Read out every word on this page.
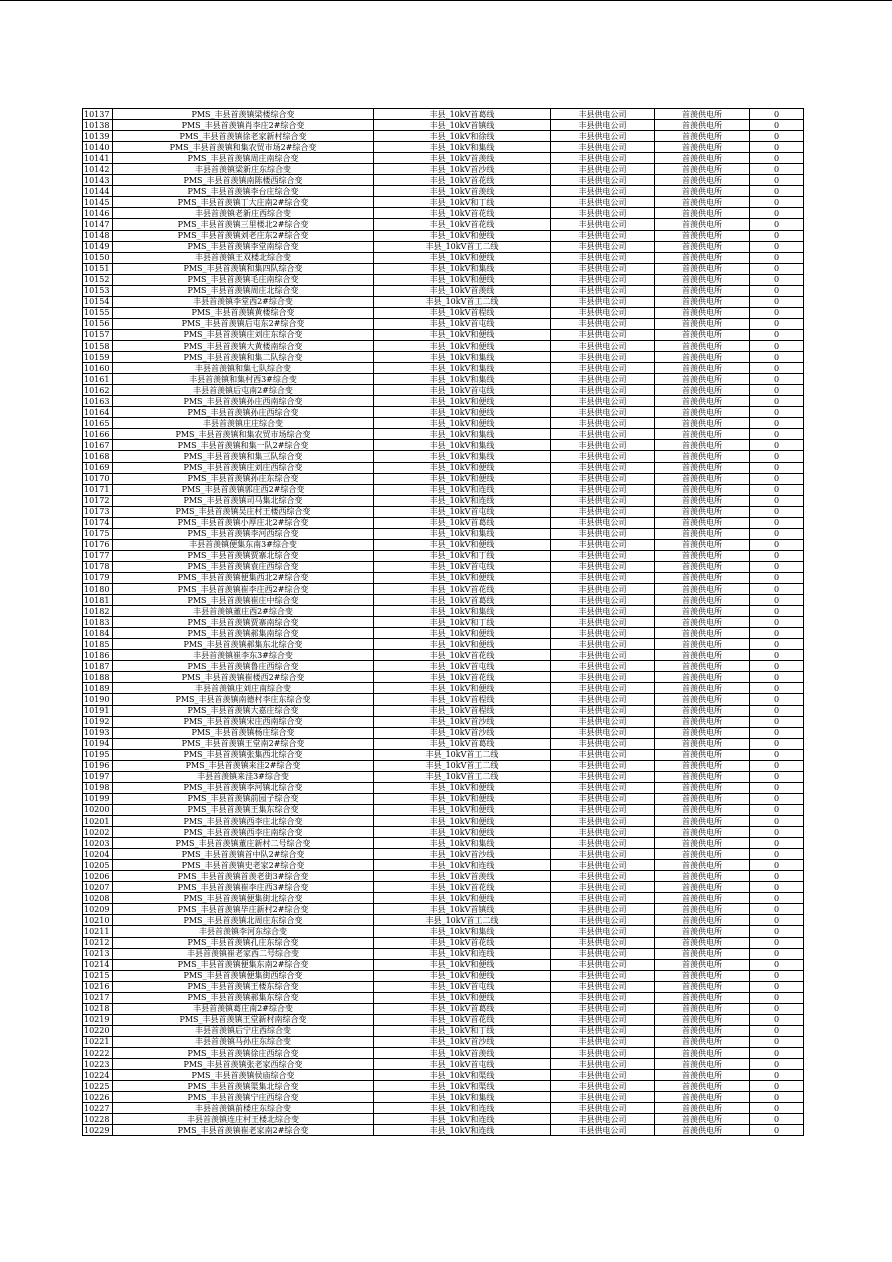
10137	PMS_丰县首羡镇梁楼综合变	丰县_10kV首葛线	丰县供电公司	首羡供电所	0
10138	PMS_丰县首羡镇肖李庄2#综合变	丰县_10kV首镇线	丰县供电公司	首羡供电所	0
10139	PMS_丰县首羡镇徐老家新村综合变	丰县_10kV和徐线	丰县供电公司	首羡供电所	0
10140	PMS_丰县首羡镇和集农贸市场2#综合变	丰县_10kV和集线	丰县供电公司	首羡供电所	0
10141	PMS_丰县首羡镇周庄南综合变	丰县_10kV首羡线	丰县供电公司	首羡供电所	0
10142	丰县首羡镇梁新庄东综合变	丰县_10kV首沙线	丰县供电公司	首羡供电所	0
10143	PMS_丰县首羡镇南陈楼西综合变	丰县_10kV首花线	丰县供电公司	首羡供电所	0
10144	PMS_丰县首羡镇李台庄综合变	丰县_10kV首羡线	丰县供电公司	首羡供电所	0
10145	PMS_丰县首羡镇丁大庄南2#综合变	丰县_10kV和丁线	丰县供电公司	首羡供电所	0
10146	丰县首羡镇老新庄西综合变	丰县_10kV首花线	丰县供电公司	首羡供电所	0
10147	PMS_丰县首羡镇三里楼北2#综合变	丰县_10kV首花线	丰县供电公司	首羡供电所	0
10148	PMS_丰县首羡镇刘老庄东2#综合变	丰县_10kV和便线	丰县供电公司	首羡供电所	0
10149	PMS_丰县首羡镇李堂南综合变	丰县_10kV首工二线	丰县供电公司	首羡供电所	0
10150	丰县首羡镇王双楼北综合变	丰县_10kV和便线	丰县供电公司	首羡供电所	0
10151	PMS_丰县首羡镇和集四队综合变	丰县_10kV和集线	丰县供电公司	首羡供电所	0
10152	PMS_丰县首羡镇毛庄南综合变	丰县_10kV和便线	丰县供电公司	首羡供电所	0
10153	PMS_丰县首羡镇周庄北综合变	丰县_10kV首羡线	丰县供电公司	首羡供电所	0
10154	丰县首羡镇李堂西2#综合变	丰县_10kV首工二线	丰县供电公司	首羡供电所	0
10155	PMS_丰县首羡镇黄楼综合变	丰县_10kV首程线	丰县供电公司	首羡供电所	0
10156	PMS_丰县首羡镇后屯东2#综合变	丰县_10kV首屯线	丰县供电公司	首羡供电所	0
10157	PMS_丰县首羡镇庄刘庄东综合变	丰县_10kV和便线	丰县供电公司	首羡供电所	0
10158	PMS_丰县首羡镇大黄楼南综合变	丰县_10kV和便线	丰县供电公司	首羡供电所	0
10159	PMS_丰县首羡镇和集二队综合变	丰县_10kV和集线	丰县供电公司	首羡供电所	0
10160	丰县首羡镇和集七队综合变	丰县_10kV和集线	丰县供电公司	首羡供电所	0
10161	丰县首羡镇和集村西3#综合变	丰县_10kV和集线	丰县供电公司	首羡供电所	0
10162	丰县首羡镇后屯南2#综合变	丰县_10kV首屯线	丰县供电公司	首羡供电所	0
10163	PMS_丰县首羡镇孙庄西南综合变	丰县_10kV和便线	丰县供电公司	首羡供电所	0
10164	PMS_丰县首羡镇孙庄西综合变	丰县_10kV和便线	丰县供电公司	首羡供电所	0
10165	丰县首羡镇庄庄综合变	丰县_10kV和便线	丰县供电公司	首羡供电所	0
10166	PMS_丰县首羡镇和集农贸市场综合变	丰县_10kV和集线	丰县供电公司	首羡供电所	0
10167	PMS_丰县首羡镇和集一队2#综合变	丰县_10kV和集线	丰县供电公司	首羡供电所	0
10168	PMS_丰县首羡镇和集三队综合变	丰县_10kV和集线	丰县供电公司	首羡供电所	0
10169	PMS_丰县首羡镇庄刘庄西综合变	丰县_10kV和便线	丰县供电公司	首羡供电所	0
10170	PMS_丰县首羡镇孙庄东综合变	丰县_10kV和便线	丰县供电公司	首羡供电所	0
10171	PMS_丰县首羡镇郭庄西2#综合变	丰县_10kV和连线	丰县供电公司	首羡供电所	0
10172	PMS_丰县首羡镇司马集北综合变	丰县_10kV和连线	丰县供电公司	首羡供电所	0
10173	PMS_丰县首羡镇吴庄村王楼西综合变	丰县_10kV首屯线	丰县供电公司	首羡供电所	0
10174	PMS_丰县首羡镇小厚庄北2#综合变	丰县_10kV首葛线	丰县供电公司	首羡供电所	0
10175	PMS_丰县首羡镇李河西综合变	丰县_10kV和集线	丰县供电公司	首羡供电所	0
10176	丰县首羡镇便集东南3#综合变	丰县_10kV和便线	丰县供电公司	首羡供电所	0
10177	PMS_丰县首羡镇贾寨北综合变	丰县_10kV和丁线	丰县供电公司	首羡供电所	0
10178	PMS_丰县首羡镇袁庄西综合变	丰县_10kV首屯线	丰县供电公司	首羡供电所	0
10179	PMS_丰县首羡镇便集西北2#综合变	丰县_10kV和便线	丰县供电公司	首羡供电所	0
10180	PMS_丰县首羡镇崔李庄西2#综合变	丰县_10kV首花线	丰县供电公司	首羡供电所	0
10181	PMS_丰县首羡镇崔庄中综合变	丰县_10kV首葛线	丰县供电公司	首羡供电所	0
10182	丰县首羡镇董庄西2#综合变	丰县_10kV和集线	丰县供电公司	首羡供电所	0
10183	PMS_丰县首羡镇贾寨南综合变	丰县_10kV和丁线	丰县供电公司	首羡供电所	0
10184	PMS_丰县首羡镇郝集南综合变	丰县_10kV和便线	丰县供电公司	首羡供电所	0
10185	PMS_丰县首羡镇郝集东北综合变	丰县_10kV和便线	丰县供电公司	首羡供电所	0
10186	丰县首羡镇崔李东3#综合变	丰县_10kV首花线	丰县供电公司	首羡供电所	0
10187	PMS_丰县首羡镇鲁庄西综合变	丰县_10kV首屯线	丰县供电公司	首羡供电所	0
10188	PMS_丰县首羡镇崔楼西2#综合变	丰县_10kV首花线	丰县供电公司	首羡供电所	0
10189	丰县首羡镇庄刘庄南综合变	丰县_10kV和便线	丰县供电公司	首羡供电所	0
10190	PMS_丰县首羡镇南德村李庄东综合变	丰县_10kV首程线	丰县供电公司	首羡供电所	0
10191	PMS_丰县首羡镇大嘉庄综合变	丰县_10kV首程线	丰县供电公司	首羡供电所	0
10192	PMS_丰县首羡镇宋庄西南综合变	丰县_10kV首沙线	丰县供电公司	首羡供电所	0
10193	PMS_丰县首羡镇杨庄综合变	丰县_10kV首沙线	丰县供电公司	首羡供电所	0
10194	PMS_丰县首羡镇王堂南2#综合变	丰县_10kV首葛线	丰县供电公司	首羡供电所	0
10195	PMS_丰县首羡镇张集西北综合变	丰县_10kV首工二线	丰县供电公司	首羡供电所	0
10196	PMS_丰县首羡镇来洼2#综合变	丰县_10kV首工二线	丰县供电公司	首羡供电所	0
10197	丰县首羡镇来洼3#综合变	丰县_10kV首工二线	丰县供电公司	首羡供电所	0
10198	PMS_丰县首羡镇李河镇北综合变	丰县_10kV和便线	丰县供电公司	首羡供电所	0
10199	PMS_丰县首羡镇前园子综合变	丰县_10kV和便线	丰县供电公司	首羡供电所	0
10200	PMS_丰县首羡镇王集东综合变	丰县_10kV和便线	丰县供电公司	首羡供电所	0
10201	PMS_丰县首羡镇西李庄北综合变	丰县_10kV和便线	丰县供电公司	首羡供电所	0
10202	PMS_丰县首羡镇西李庄南综合变	丰县_10kV和便线	丰县供电公司	首羡供电所	0
10203	PMS_丰县首羡镇董庄新村二号综合变	丰县_10kV和集线	丰县供电公司	首羡供电所	0
10204	PMS_丰县首羡镇首中队2#综合变	丰县_10kV首沙线	丰县供电公司	首羡供电所	0
10205	PMS_丰县首羡镇史老家2#综合变	丰县_10kV和连线	丰县供电公司	首羡供电所	0
10206	PMS_丰县首羡镇首羡老街3#综合变	丰县_10kV首羡线	丰县供电公司	首羡供电所	0
10207	PMS_丰县首羡镇崔李庄西3#综合变	丰县_10kV首花线	丰县供电公司	首羡供电所	0
10208	PMS_丰县首羡镇便集街北综合变	丰县_10kV和便线	丰县供电公司	首羡供电所	0
10209	PMS_丰县首羡镇毕庄新村2#综合变	丰县_10kV首镇线	丰县供电公司	首羡供电所	0
10210	PMS_丰县首羡镇北周庄东综合变	丰县_10kV首工二线	丰县供电公司	首羡供电所	0
10211	丰县首羡镇李河东综合变	丰县_10kV和集线	丰县供电公司	首羡供电所	0
10212	PMS_丰县首羡镇孔庄东综合变	丰县_10kV首花线	丰县供电公司	首羡供电所	0
10213	丰县首羡镇崔老家西二号综合变	丰县_10kV和连线	丰县供电公司	首羡供电所	0
10214	PMS_丰县首羡镇便集东南2#综合变	丰县_10kV和便线	丰县供电公司	首羡供电所	0
10215	PMS_丰县首羡镇便集街西综合变	丰县_10kV和便线	丰县供电公司	首羡供电所	0
10216	PMS_丰县首羡镇王楼东综合变	丰县_10kV首屯线	丰县供电公司	首羡供电所	0
10217	PMS_丰县首羡镇郝集东综合变	丰县_10kV和便线	丰县供电公司	首羡供电所	0
10218	丰县首羡镇葛庄南2#综合变	丰县_10kV首葛线	丰县供电公司	首羡供电所	0
10219	PMS_丰县首羡镇王堂新村南综合变	丰县_10kV首花线	丰县供电公司	首羡供电所	0
10220	丰县首羡镇后宁庄西综合变	丰县_10kV和丁线	丰县供电公司	首羡供电所	0
10221	丰县首羡镇马孙庄东综合变	丰县_10kV首沙线	丰县供电公司	首羡供电所	0
10222	PMS_丰县首羡镇徐庄西综合变	丰县_10kV首羡线	丰县供电公司	首羡供电所	0
10223	PMS_丰县首羡镇张老家西综合变	丰县_10kV首屯线	丰县供电公司	首羡供电所	0
10224	PMS_丰县首羡镇侯庙综合变	丰县_10kV和渠线	丰县供电公司	首羡供电所	0
10225	PMS_丰县首羡镇渠集北综合变	丰县_10kV和渠线	丰县供电公司	首羡供电所	0
10226	PMS_丰县首羡镇宁庄西综合变	丰县_10kV和集线	丰县供电公司	首羡供电所	0
10227	丰县首羡镇前楼庄东综合变	丰县_10kV和连线	丰县供电公司	首羡供电所	0
10228	丰县首羡镇连庄村王楼北综合变	丰县_10kV和连线	丰县供电公司	首羡供电所	0
10229	PMS_丰县首羡镇崔老家南2#综合变	丰县_10kV和连线	丰县供电公司	首羡供电所	0
